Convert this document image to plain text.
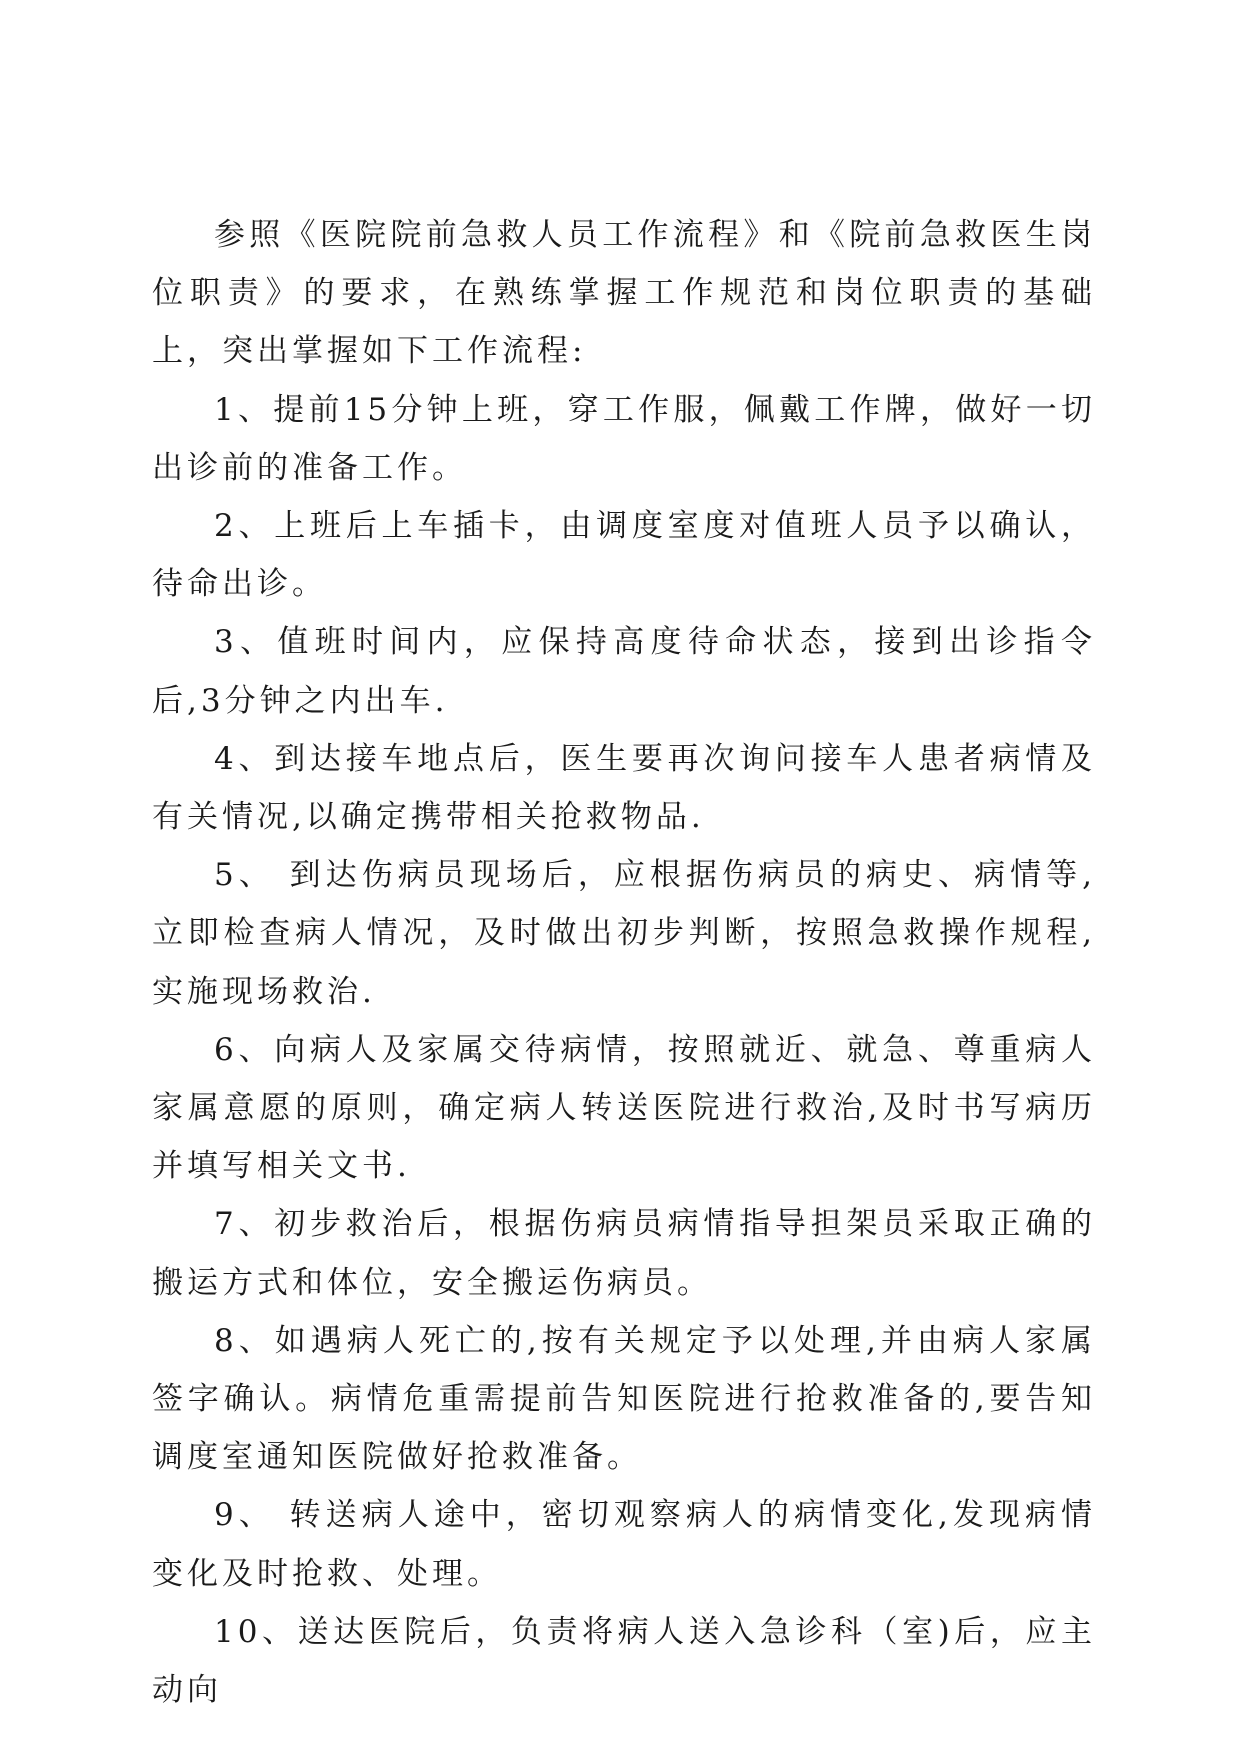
参照《医院院前急救人员工作流程》和《院前急救医生岗位职责》的要求，在熟练掌握工作规范和岗位职责的基础上，突出掌握如下工作流程:

1、提前15分钟上班，穿工作服，佩戴工作牌，做好一切出诊前的准备工作。

2、上班后上车插卡，由调度室度对值班人员予以确认，待命出诊。

3、值班时间内，应保持高度待命状态，接到出诊指令后,3分钟之内出车.

4、到达接车地点后，医生要再次询问接车人患者病情及有关情况,以确定携带相关抢救物品.

5、 到达伤病员现场后，应根据伤病员的病史、病情等,立即检查病人情况，及时做出初步判断，按照急救操作规程,实施现场救治.

6、向病人及家属交待病情，按照就近、就急、尊重病人家属意愿的原则，确定病人转送医院进行救治,及时书写病历并填写相关文书.

7、初步救治后，根据伤病员病情指导担架员采取正确的搬运方式和体位，安全搬运伤病员。

8、如遇病人死亡的,按有关规定予以处理,并由病人家属签字确认。病情危重需提前告知医院进行抢救准备的,要告知调度室通知医院做好抢救准备。

9、 转送病人途中，密切观察病人的病情变化,发现病情变化及时抢救、处理。

10、送达医院后，负责将病人送入急诊科（室)后，应主动向
